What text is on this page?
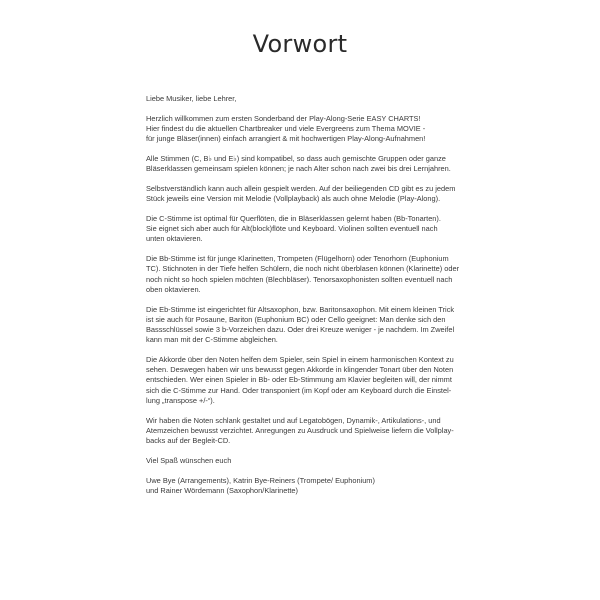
Vorwort

Liebe Musiker, liebe Lehrer,

Herzlich willkommen zum ersten Sonderband der Play-Along-Serie EASY CHARTS!
Hier findest du die aktuellen Chartbreaker und viele Evergreens zum Thema MOVIE -
für junge Bläser(innen) einfach arrangiert & mit hochwertigen Play-Along-Aufnahmen!

Alle Stimmen (C, B♭ und E♭) sind kompatibel, so dass auch gemischte Gruppen oder ganze
Bläserklassen gemeinsam spielen können; je nach Alter schon nach zwei bis drei Lernjahren.

Selbstverständlich kann auch allein gespielt werden. Auf der beiliegenden CD gibt es zu jedem
Stück jeweils eine Version mit Melodie (Vollplayback) als auch ohne Melodie (Play-Along).

Die C-Stimme ist optimal für Querflöten, die in Bläserklassen gelernt haben (Bb-Tonarten).
Sie eignet sich aber auch für Alt(block)flöte und Keyboard. Violinen sollten eventuell nach
unten oktavieren.

Die Bb-Stimme ist für junge Klarinetten, Trompeten (Flügelhorn) oder Tenorhorn (Euphonium
TC). Stichnoten in der Tiefe helfen Schülern, die noch nicht überblasen können (Klarinette) oder
noch nicht so hoch spielen möchten (Blechbläser). Tenorsaxophonisten sollten eventuell nach
oben oktavieren.

Die Eb-Stimme ist eingerichtet für Altsaxophon, bzw. Baritonsaxophon. Mit einem kleinen Trick
ist sie auch für Posaune, Bariton (Euphonium BC) oder Cello geeignet: Man denke sich den
Bassschlüssel sowie 3 b-Vorzeichen dazu. Oder drei Kreuze weniger - je nachdem. Im Zweifel
kann man mit der C-Stimme abgleichen.

Die Akkorde über den Noten helfen dem Spieler, sein Spiel in einem harmonischen Kontext zu
sehen. Deswegen haben wir uns bewusst gegen Akkorde in klingender Tonart über den Noten
entschieden. Wer einen Spieler in Bb- oder Eb-Stimmung am Klavier begleiten will, der nimmt
sich die C-Stimme zur Hand. Oder transponiert (im Kopf oder am Keyboard durch die Einstel-
lung „transpose +/-“).

Wir haben die Noten schlank gestaltet und auf Legatobögen, Dynamik-, Artikulations-, und
Atemzeichen bewusst verzichtet. Anregungen zu Ausdruck und Spielweise liefern die Vollplay-
backs auf der Begleit-CD.

Viel Spaß wünschen euch

Uwe Bye (Arrangements), Katrin Bye-Reiners (Trompete/ Euphonium)
und Rainer Wördemann (Saxophon/Klarinette)
